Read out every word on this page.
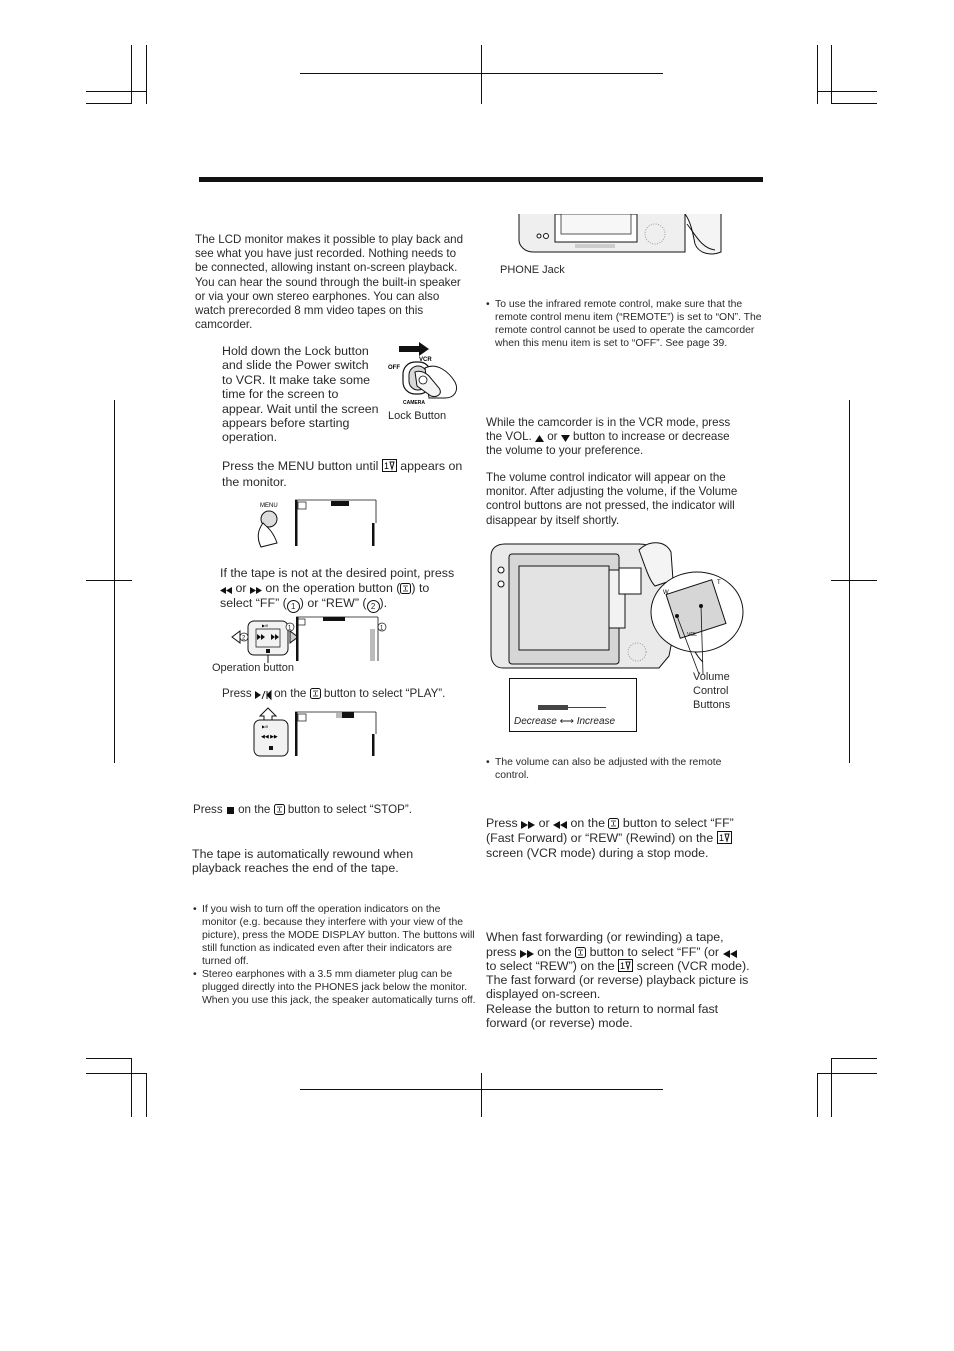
The LCD monitor makes it possible to play back and see what you have just recorded. Nothing needs to be connected, allowing instant on-screen playback. You can hear the sound through the built-in speaker or via your own stereo earphones. You can also watch prerecorded 8 mm video tapes on this camcorder.
Hold down the Lock button and slide the Power switch to VCR. It make take some time for the screen to appear. Wait until the screen appears before starting operation.
VCR
OFF
CAMERA
Lock Button
Press the MENU button until 1 appears on the monitor.
MENU
If the tape is not at the desired point, press
or on the operation button ( ) to
select “FF” ( 1 ) or “REW” ( 2 ).
▶/II
2
1	1
Operation button
Press on the button to select “PLAY”.
▶/II
◀◀ ▶▶
Press on the button to select “STOP”.
The tape is automatically rewound when playback reaches the end of the tape.
• If you wish to turn off the operation indicators on the monitor (e.g. because they interfere with your view of the picture), press the MODE DISPLAY button. The buttons will still function as indicated even after their indicators are turned off.
• Stereo earphones with a 3.5 mm diameter plug can be plugged directly into the PHONES jack below the monitor. When you use this jack, the speaker automatically turns off.
PHONE Jack
• To use the infrared remote control, make sure that the remote control menu item (“REMOTE”) is set to “ON”. The remote control cannot be used to operate the camcorder when this menu item is set to “OFF”. See page 39.
While the camcorder is in the VCR mode, press
the VOL. or button to increase or decrease
the volume to your preference.
The volume control indicator will appear on the monitor. After adjusting the volume, if the Volume control buttons are not pressed, the indicator will disappear by itself shortly.
W
T
VOL
Volume
Control
Buttons
Decrease ⟷ Increase
• The volume can also be adjusted with the remote control.
Press or on the button to select “FF”
(Fast Forward) or “REW” (Rewind) on the 1
screen (VCR mode) during a stop mode.
When fast forwarding (or rewinding) a tape,
press on the button to select “FF” (or
to select “REW”) on the 1 screen (VCR mode).
The fast forward (or reverse) playback picture is displayed on-screen.
Release the button to return to normal fast forward (or reverse) mode.
